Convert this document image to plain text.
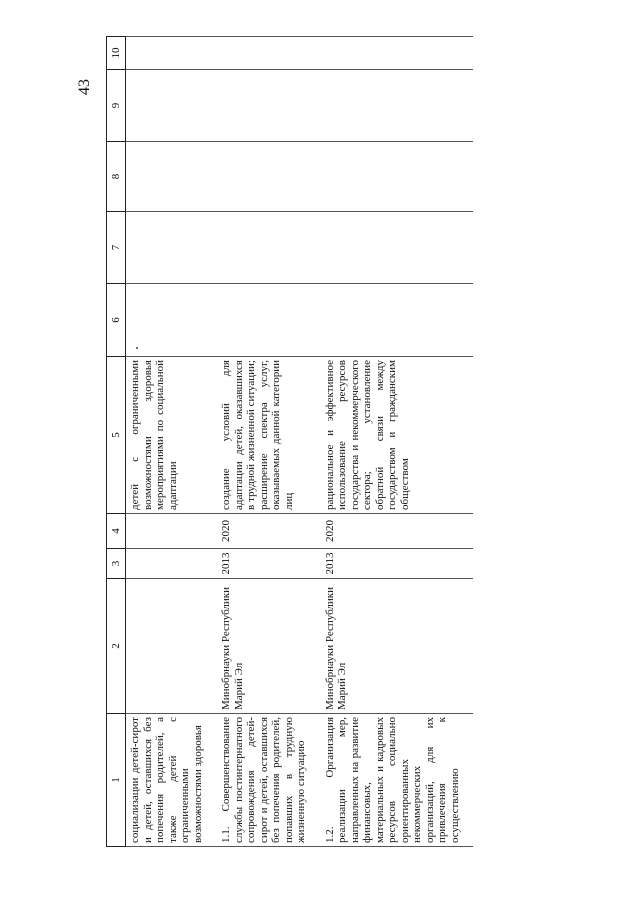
43
1	2	3	4	5	6	7	8	9	10
социализации детей-сирот и детей, оставшихся без попечения родителей, а также детей с ограниченными возможностями здоровья				детей с ограниченными возможностями здоровья мероприятиями по социальной адаптации					
1.1. Совершенствование службы постинтернатного сопровождения детей-сирот и детей, оставшихся без попечения родителей, попавших в трудную жизненную ситуацию	Минобрнауки Республики Марий Эл	2013	2020	создание условий для адаптации детей, оказавшихся в трудной жизненной ситуации; расширение спектра услуг, оказываемых данной категории лиц					
1.2. Организация реализации мер, направленных на развитие финансовых, материальных и кадровых ресурсов социально ориентированных некоммерческих организаций, для их привлечения к осуществлению	Минобрнауки Республики Марий Эл	2013	2020	рациональное и эффективное использование ресурсов государства и некоммерческого сектора; установление обратной связи между государством и гражданским обществом					
